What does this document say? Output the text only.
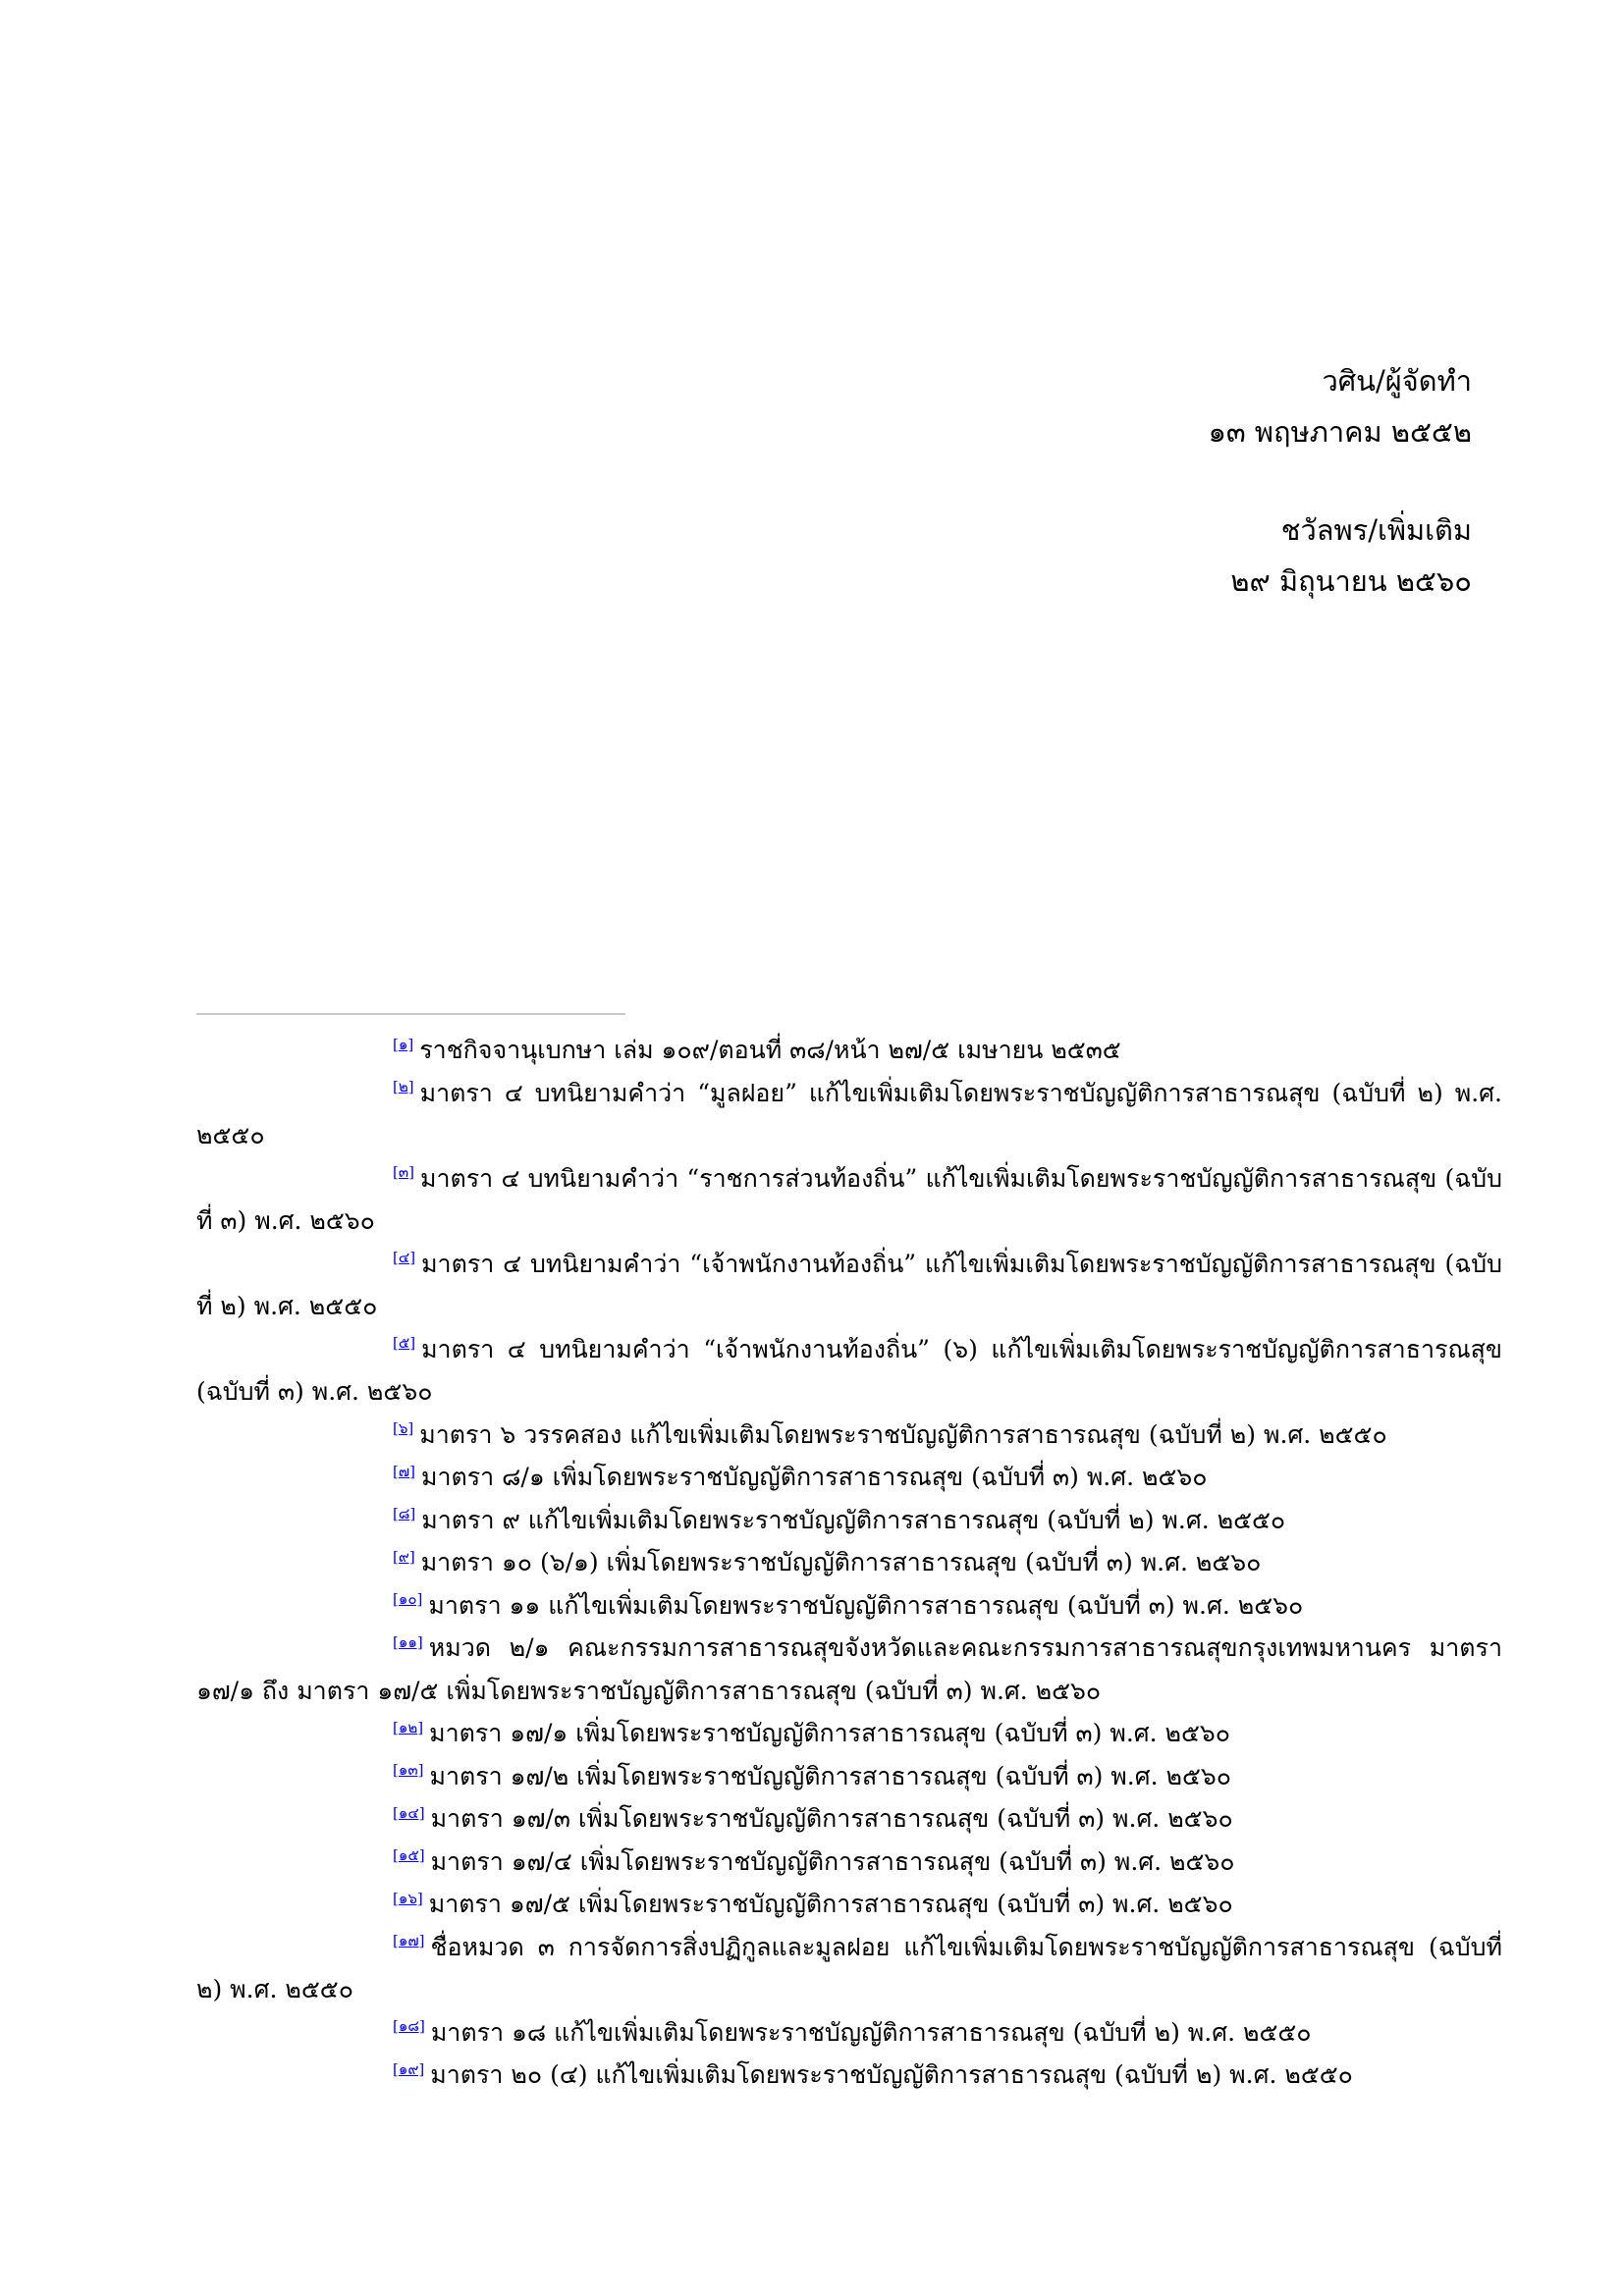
วศิน/ผู้จัดทำ
๑๓ พฤษภาคม ๒๕๕๒
ชวัลพร/เพิ่มเติม
๒๙ มิถุนายน ๒๕๖๐

[๑] ราชกิจจานุเบกษา เล่ม ๑๐๙/ตอนที่ ๓๘/หน้า ๒๗/๕ เมษายน ๒๕๓๕

[๒] มาตรา ๔ บทนิยามคำว่า “มูลฝอย” แก้ไขเพิ่มเติมโดยพระราชบัญญัติการสาธารณสุข (ฉบับที่ ๒) พ.ศ. ๒๕๕๐

[๓] มาตรา ๔ บทนิยามคำว่า “ราชการส่วนท้องถิ่น” แก้ไขเพิ่มเติมโดยพระราชบัญญัติการสาธารณสุข (ฉบับที่ ๓) พ.ศ. ๒๕๖๐

[๔] มาตรา ๔ บทนิยามคำว่า “เจ้าพนักงานท้องถิ่น” แก้ไขเพิ่มเติมโดยพระราชบัญญัติการสาธารณสุข (ฉบับที่ ๒) พ.ศ. ๒๕๕๐

[๕] มาตรา ๔ บทนิยามคำว่า “เจ้าพนักงานท้องถิ่น” (๖) แก้ไขเพิ่มเติมโดยพระราชบัญญัติการสาธารณสุข (ฉบับที่ ๓) พ.ศ. ๒๕๖๐

[๖] มาตรา ๖ วรรคสอง แก้ไขเพิ่มเติมโดยพระราชบัญญัติการสาธารณสุข (ฉบับที่ ๒) พ.ศ. ๒๕๕๐

[๗] มาตรา ๘/๑ เพิ่มโดยพระราชบัญญัติการสาธารณสุข (ฉบับที่ ๓) พ.ศ. ๒๕๖๐

[๘] มาตรา ๙ แก้ไขเพิ่มเติมโดยพระราชบัญญัติการสาธารณสุข (ฉบับที่ ๒) พ.ศ. ๒๕๕๐

[๙] มาตรา ๑๐ (๖/๑) เพิ่มโดยพระราชบัญญัติการสาธารณสุข (ฉบับที่ ๓) พ.ศ. ๒๕๖๐

[๑๐] มาตรา ๑๑ แก้ไขเพิ่มเติมโดยพระราชบัญญัติการสาธารณสุข (ฉบับที่ ๓) พ.ศ. ๒๕๖๐

[๑๑] หมวด ๒/๑ คณะกรรมการสาธารณสุขจังหวัดและคณะกรรมการสาธารณสุขกรุงเทพมหานคร มาตรา ๑๗/๑ ถึง มาตรา ๑๗/๕ เพิ่มโดยพระราชบัญญัติการสาธารณสุข (ฉบับที่ ๓) พ.ศ. ๒๕๖๐

[๑๒] มาตรา ๑๗/๑ เพิ่มโดยพระราชบัญญัติการสาธารณสุข (ฉบับที่ ๓) พ.ศ. ๒๕๖๐

[๑๓] มาตรา ๑๗/๒ เพิ่มโดยพระราชบัญญัติการสาธารณสุข (ฉบับที่ ๓) พ.ศ. ๒๕๖๐

[๑๔] มาตรา ๑๗/๓ เพิ่มโดยพระราชบัญญัติการสาธารณสุข (ฉบับที่ ๓) พ.ศ. ๒๕๖๐

[๑๕] มาตรา ๑๗/๔ เพิ่มโดยพระราชบัญญัติการสาธารณสุข (ฉบับที่ ๓) พ.ศ. ๒๕๖๐

[๑๖] มาตรา ๑๗/๕ เพิ่มโดยพระราชบัญญัติการสาธารณสุข (ฉบับที่ ๓) พ.ศ. ๒๕๖๐

[๑๗] ชื่อหมวด ๓ การจัดการสิ่งปฏิกูลและมูลฝอย แก้ไขเพิ่มเติมโดยพระราชบัญญัติการสาธารณสุข (ฉบับที่ ๒) พ.ศ. ๒๕๕๐

[๑๘] มาตรา ๑๘ แก้ไขเพิ่มเติมโดยพระราชบัญญัติการสาธารณสุข (ฉบับที่ ๒) พ.ศ. ๒๕๕๐

[๑๙] มาตรา ๒๐ (๔) แก้ไขเพิ่มเติมโดยพระราชบัญญัติการสาธารณสุข (ฉบับที่ ๒) พ.ศ. ๒๕๕๐
